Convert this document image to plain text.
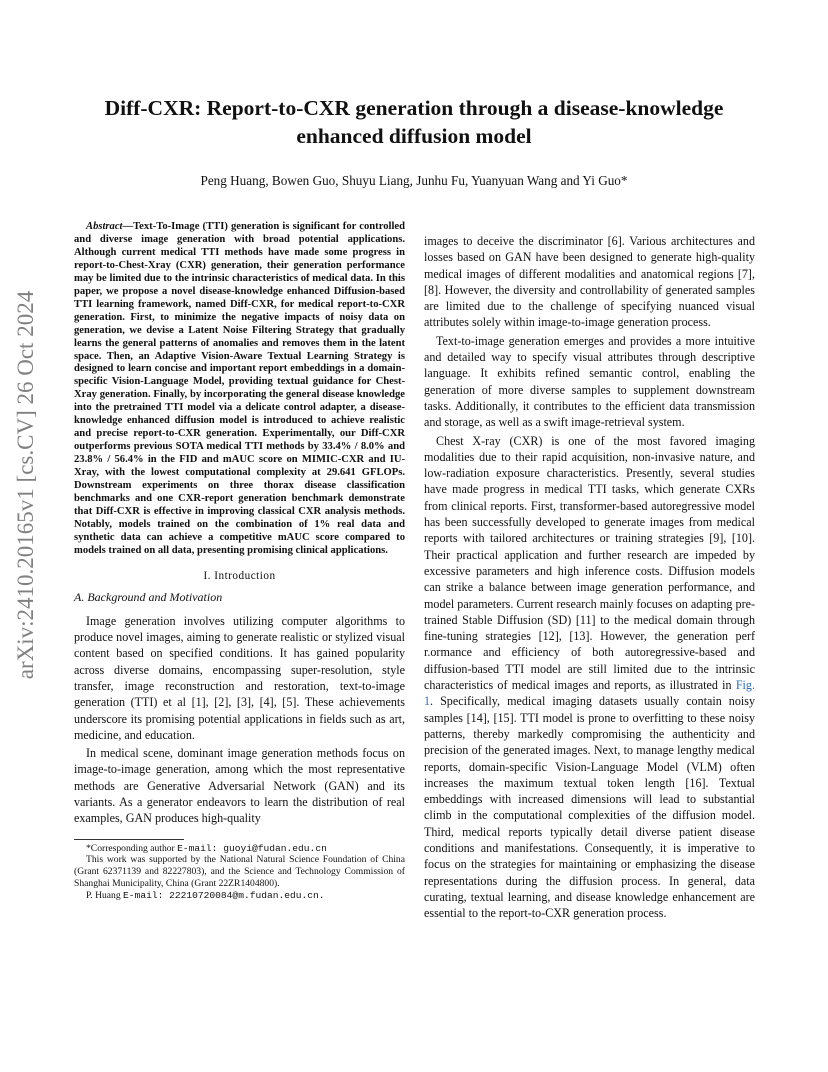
arXiv:2410.20165v1 [cs.CV] 26 Oct 2024
Diff-CXR: Report-to-CXR generation through a disease-knowledge
enhanced diffusion model
Peng Huang, Bowen Guo, Shuyu Liang, Junhu Fu, Yuanyuan Wang and Yi Guo*

Abstract—Text-To-Image (TTI) generation is significant for controlled and diverse image generation with broad potential applications. Although current medical TTI methods have made some progress in report-to-Chest-Xray (CXR) generation, their generation performance may be limited due to the intrinsic characteristics of medical data. In this paper, we propose a novel disease-knowledge enhanced Diffusion-based TTI learning framework, named Diff-CXR, for medical report-to-CXR generation. First, to minimize the negative impacts of noisy data on generation, we devise a Latent Noise Filtering Strategy that gradually learns the general patterns of anomalies and removes them in the latent space. Then, an Adaptive Vision-Aware Textual Learning Strategy is designed to learn concise and important report embeddings in a domain-specific Vision-Language Model, providing textual guidance for Chest-Xray generation. Finally, by incorporating the general disease knowledge into the pretrained TTI model via a delicate control adapter, a disease-knowledge enhanced diffusion model is introduced to achieve realistic and precise report-to-CXR generation. Experimentally, our Diff-CXR outperforms previous SOTA medical TTI methods by 33.4% / 8.0% and 23.8% / 56.4% in the FID and mAUC score on MIMIC-CXR and IU-Xray, with the lowest computational complexity at 29.641 GFLOPs. Downstream experiments on three thorax disease classification benchmarks and one CXR-report generation benchmark demonstrate that Diff-CXR is effective in improving classical CXR analysis methods. Notably, models trained on the combination of 1% real data and synthetic data can achieve a competitive mAUC score compared to models trained on all data, presenting promising clinical applications.

I. Introduction
A. Background and Motivation

Image generation involves utilizing computer algorithms to produce novel images, aiming to generate realistic or stylized visual content based on specified conditions. It has gained popularity across diverse domains, encompassing super-resolution, style transfer, image reconstruction and restoration, text-to-image generation (TTI) et al [1], [2], [3], [4], [5]. These achievements underscore its promising potential applications in fields such as art, medicine, and education.

In medical scene, dominant image generation methods focus on image-to-image generation, among which the most representative methods are Generative Adversarial Network (GAN) and its variants. As a generator endeavors to learn the distribution of real examples, GAN produces high-quality

*Corresponding author E-mail: guoyi@fudan.edu.cn

This work was supported by the National Natural Science Foundation of China (Grant 62371139 and 82227803), and the Science and Technology Commission of Shanghai Municipality, China (Grant 22ZR1404800).

P. Huang E-mail: 22210720084@m.fudan.edu.cn.

images to deceive the discriminator [6]. Various architectures and losses based on GAN have been designed to generate high-quality medical images of different modalities and anatomical regions [7], [8]. However, the diversity and controllability of generated samples are limited due to the challenge of specifying nuanced visual attributes solely within image-to-image generation process.

Text-to-image generation emerges and provides a more intuitive and detailed way to specify visual attributes through descriptive language. It exhibits refined semantic control, enabling the generation of more diverse samples to supplement downstream tasks. Additionally, it contributes to the efficient data transmission and storage, as well as a swift image-retrieval system.

Chest X-ray (CXR) is one of the most favored imaging modalities due to their rapid acquisition, non-invasive nature, and low-radiation exposure characteristics. Presently, several studies have made progress in medical TTI tasks, which generate CXRs from clinical reports. First, transformer-based autoregressive model has been successfully developed to generate images from medical reports with tailored architectures or training strategies [9], [10]. Their practical application and further research are impeded by excessive parameters and high inference costs. Diffusion models can strike a balance between image generation performance, and model parameters. Current research mainly focuses on adapting pre-trained Stable Diffusion (SD) [11] to the medical domain through fine-tuning strategies [12], [13]. However, the generation perf r.ormance and efficiency of both autoregressive-based and diffusion-based TTI model are still limited due to the intrinsic characteristics of medical images and reports, as illustrated in Fig. 1. Specifically, medical imaging datasets usually contain noisy samples [14], [15]. TTI model is prone to overfitting to these noisy patterns, thereby markedly compromising the authenticity and precision of the generated images. Next, to manage lengthy medical reports, domain-specific Vision-Language Model (VLM) often increases the maximum textual token length [16]. Textual embeddings with increased dimensions will lead to substantial climb in the computational complexities of the diffusion model. Third, medical reports typically detail diverse patient disease conditions and manifestations. Consequently, it is imperative to focus on the strategies for maintaining or emphasizing the disease representations during the diffusion process. In general, data curating, textual learning, and disease knowledge enhancement are essential to the report-to-CXR generation process.
